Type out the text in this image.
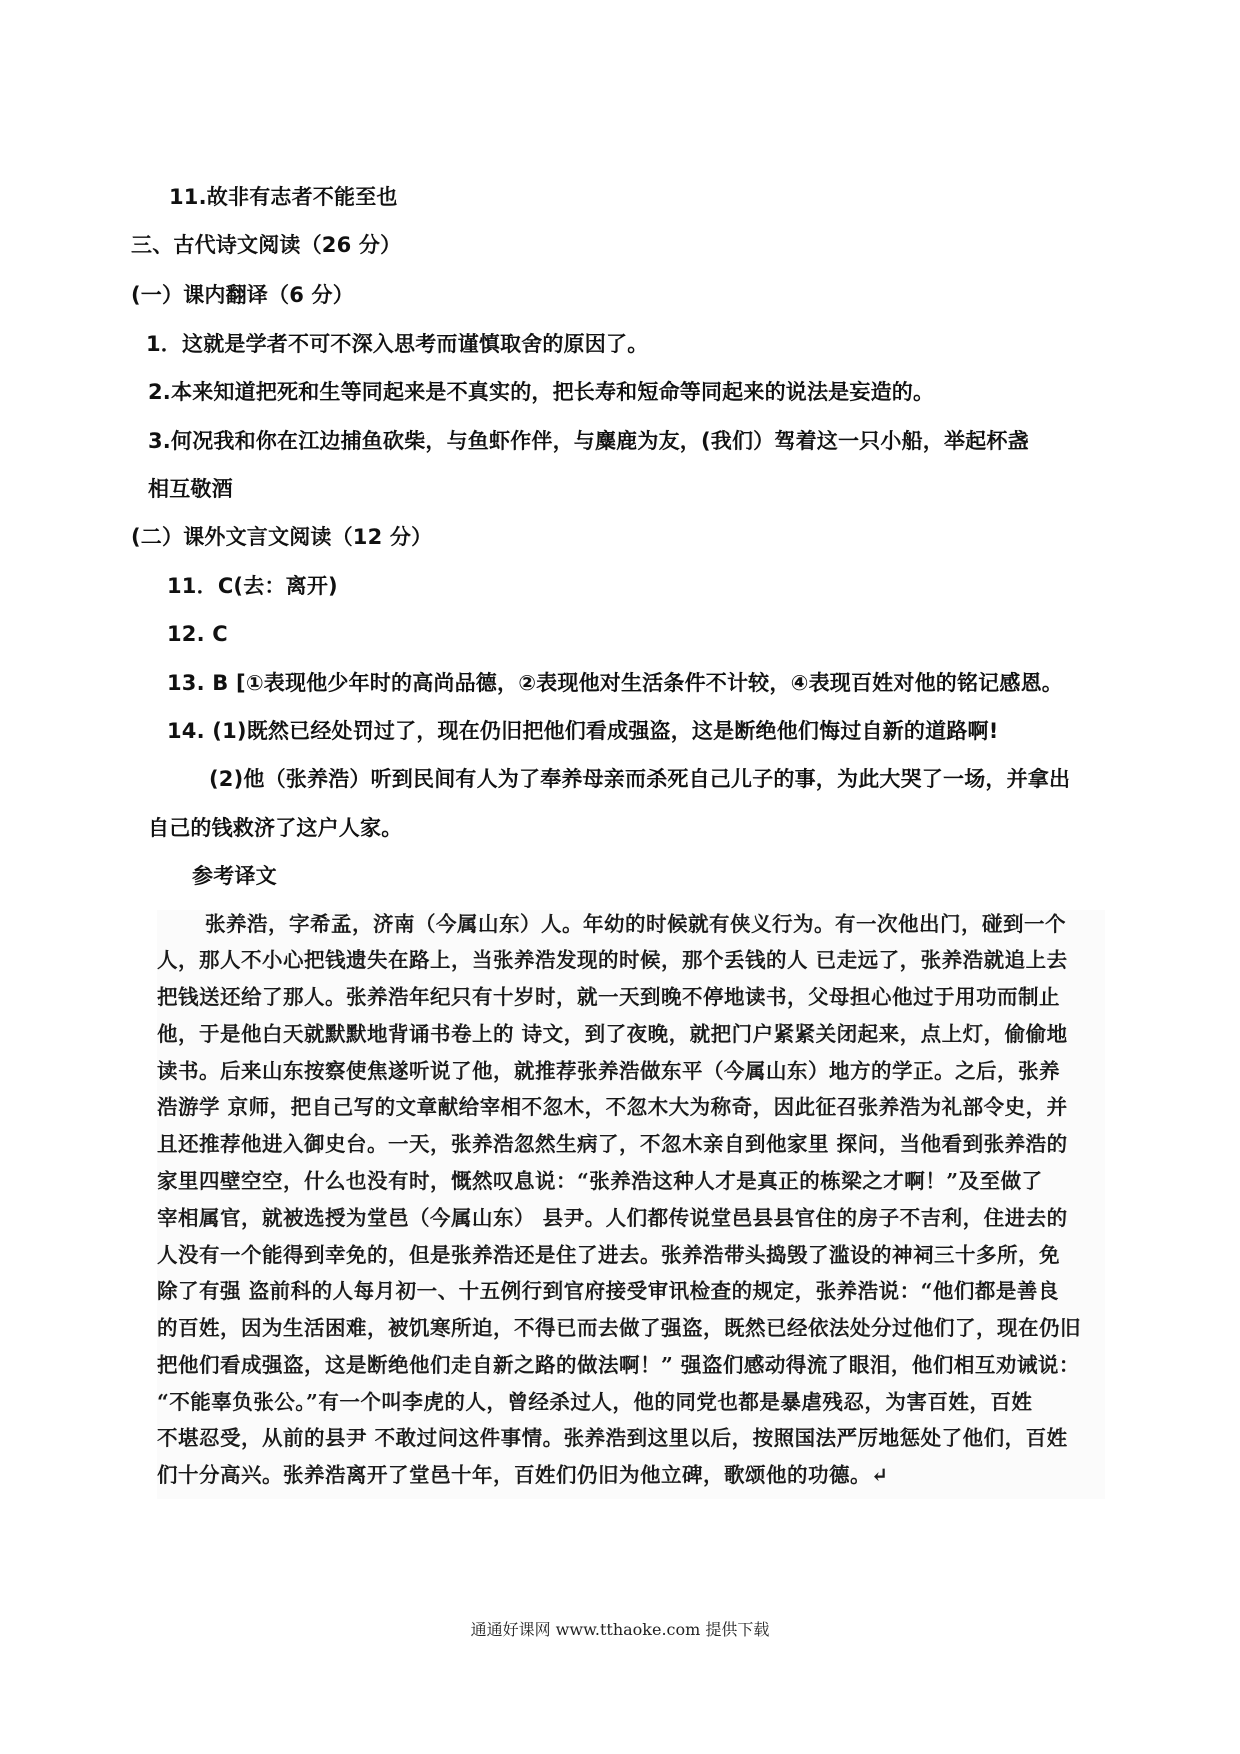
11.故非有志者不能至也
三、古代诗文阅读（26 分）
(一）课内翻译（6 分）
1．这就是学者不可不深入思考而谨慎取舍的原因了。
2.本来知道把死和生等同起来是不真实的，把长寿和短命等同起来的说法是妄造的。
3.何况我和你在江边捕鱼砍柴，与鱼虾作伴，与麋鹿为友，(我们）驾着这一只小船，举起杯盏
相互敬酒
(二）课外文言文阅读（12 分）
11．C(去：离开)
12. C
13. B [①表现他少年时的高尚品德，②表现他对生活条件不计较，④表现百姓对他的铭记感恩。
14. (1)既然已经处罚过了，现在仍旧把他们看成强盗，这是断绝他们悔过自新的道路啊!
(2)他（张养浩）听到民间有人为了奉养母亲而杀死自己儿子的事，为此大哭了一场，并拿出
自己的钱救济了这户人家。
参考译文
张养浩，字希孟，济南（今属山东）人。年幼的时候就有侠义行为。有一次他出门，碰到一个
人，那人不小心把钱遗失在路上，当张养浩发现的时候，那个丢钱的人 已走远了，张养浩就追上去
把钱送还给了那人。张养浩年纪只有十岁时，就一天到晚不停地读书，父母担心他过于用功而制止
他，于是他白天就默默地背诵书卷上的 诗文，到了夜晚，就把门户紧紧关闭起来，点上灯，偷偷地
读书。后来山东按察使焦遂听说了他，就推荐张养浩做东平（今属山东）地方的学正。之后，张养
浩游学 京师，把自己写的文章献给宰相不忽木，不忽木大为称奇，因此征召张养浩为礼部令史，并
且还推荐他进入御史台。一天，张养浩忽然生病了，不忽木亲自到他家里 探问，当他看到张养浩的
家里四壁空空，什么也没有时，慨然叹息说：“张养浩这种人才是真正的栋梁之才啊！”及至做了
宰相属官，就被选授为堂邑（今属山东） 县尹。人们都传说堂邑县县官住的房子不吉利，住进去的
人没有一个能得到幸免的，但是张养浩还是住了进去。张养浩带头捣毁了滥设的神祠三十多所，免
除了有强 盗前科的人每月初一、十五例行到官府接受审讯检查的规定，张养浩说：“他们都是善良
的百姓，因为生活困难，被饥寒所迫，不得已而去做了强盗，既然已经依法处分过他们了，现在仍旧
把他们看成强盗，这是断绝他们走自新之路的做法啊！” 强盗们感动得流了眼泪，他们相互劝诫说：
“不能辜负张公。”有一个叫李虎的人，曾经杀过人，他的同党也都是暴虐残忍，为害百姓，百姓
不堪忍受，从前的县尹 不敢过问这件事情。张养浩到这里以后，按照国法严厉地惩处了他们，百姓
们十分高兴。张养浩离开了堂邑十年，百姓们仍旧为他立碑，歌颂他的功德。↵
通通好课网 www.tthaoke.com 提供下载
